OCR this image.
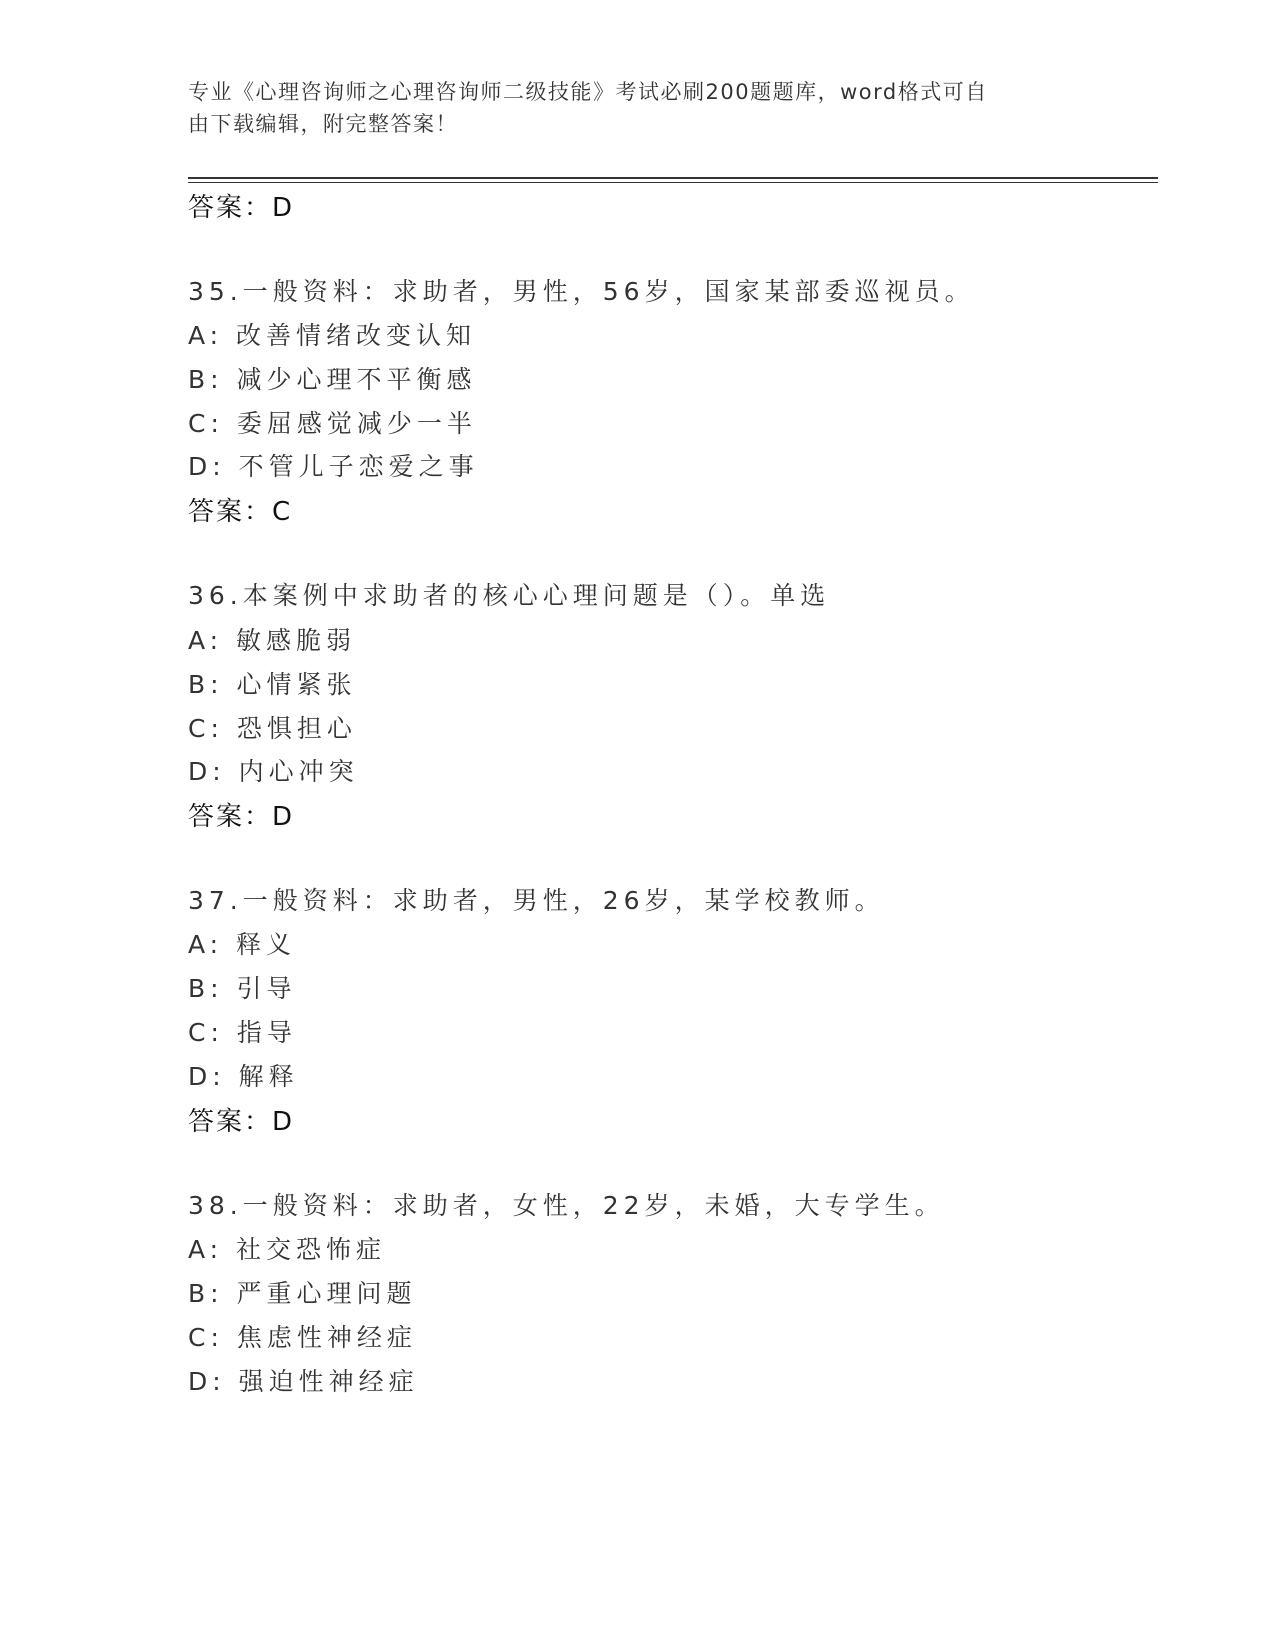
专业《心理咨询师之心理咨询师二级技能》考试必刷200题题库，word格式可自
由下载编辑，附完整答案！
答案：D
35.一般资料：求助者，男性，56岁，国家某部委巡视员。
A: 改善情绪改变认知
B: 减少心理不平衡感
C: 委屈感觉减少一半
D: 不管儿子恋爱之事
答案：C
36.本案例中求助者的核心心理问题是（）。单选
A: 敏感脆弱
B: 心情紧张
C: 恐惧担心
D: 内心冲突
答案：D
37.一般资料：求助者，男性，26岁，某学校教师。
A: 释义
B: 引导
C: 指导
D: 解释
答案：D
38.一般资料：求助者，女性，22岁，未婚，大专学生。
A: 社交恐怖症
B: 严重心理问题
C: 焦虑性神经症
D: 强迫性神经症
